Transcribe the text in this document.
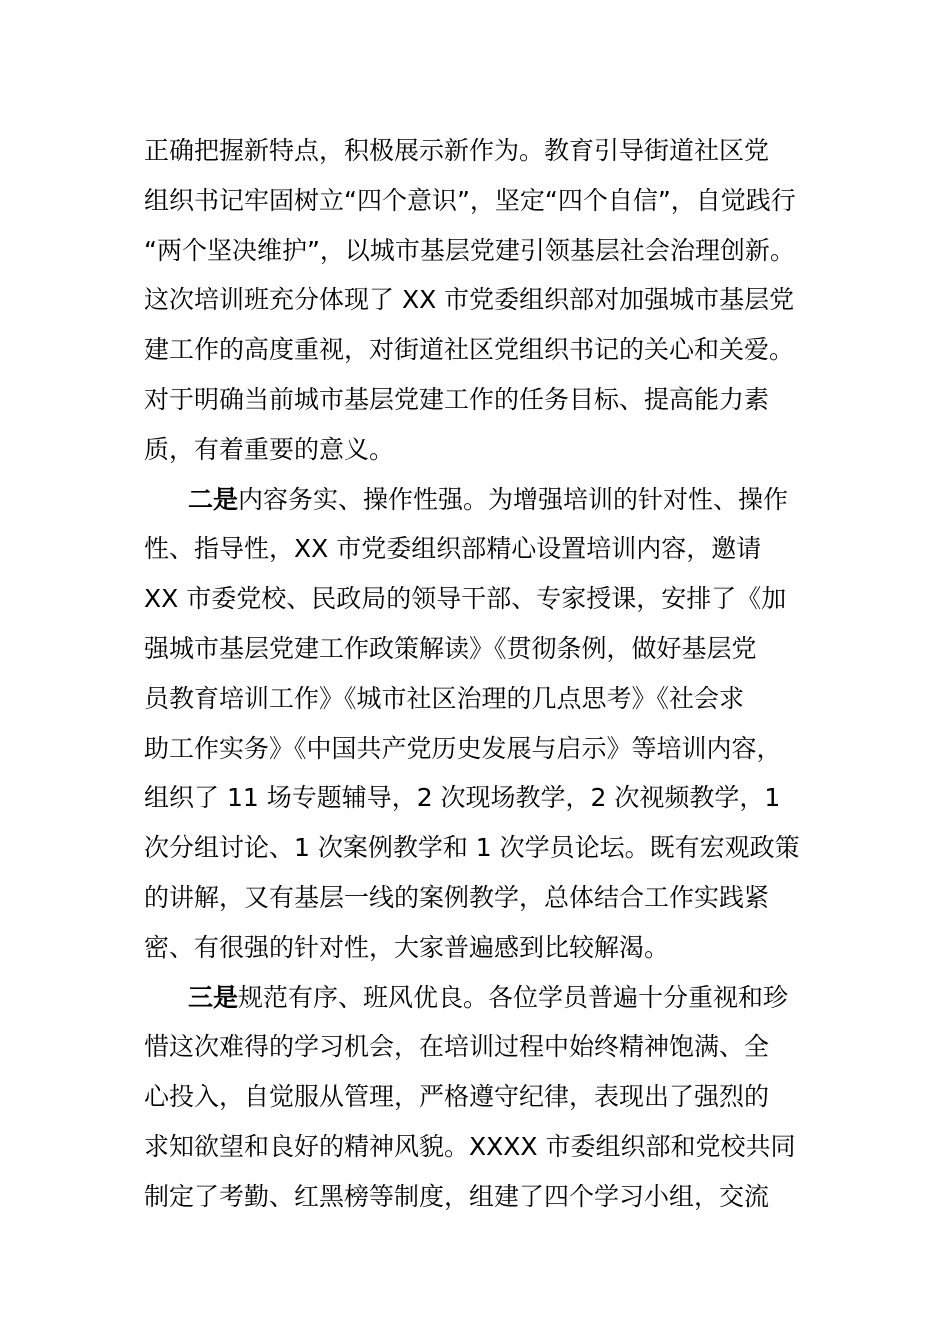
正确把握新特点，积极展示新作为。教育引导街道社区党
组织书记牢固树立“四个意识”，坚定“四个自信”，自觉践行
“两个坚决维护”，以城市基层党建引领基层社会治理创新。
这次培训班充分体现了 XX 市党委组织部对加强城市基层党
建工作的高度重视，对街道社区党组织书记的关心和关爱。
对于明确当前城市基层党建工作的任务目标、提高能力素
质，有着重要的意义。
二是内容务实、操作性强。为增强培训的针对性、操作
性、指导性，XX 市党委组织部精心设置培训内容，邀请
XX 市委党校、民政局的领导干部、专家授课，安排了《加
强城市基层党建工作政策解读》《贯彻条例，做好基层党
员教育培训工作》《城市社区治理的几点思考》《社会求
助工作实务》《中国共产党历史发展与启示》等培训内容，
组织了 11 场专题辅导，2 次现场教学，2 次视频教学，1
次分组讨论、1 次案例教学和 1 次学员论坛。既有宏观政策
的讲解，又有基层一线的案例教学，总体结合工作实践紧
密、有很强的针对性，大家普遍感到比较解渴。
三是规范有序、班风优良。各位学员普遍十分重视和珍
惜这次难得的学习机会，在培训过程中始终精神饱满、全
心投入，自觉服从管理，严格遵守纪律，表现出了强烈的
求知欲望和良好的精神风貌。XXXX 市委组织部和党校共同
制定了考勤、红黑榜等制度，组建了四个学习小组，交流
